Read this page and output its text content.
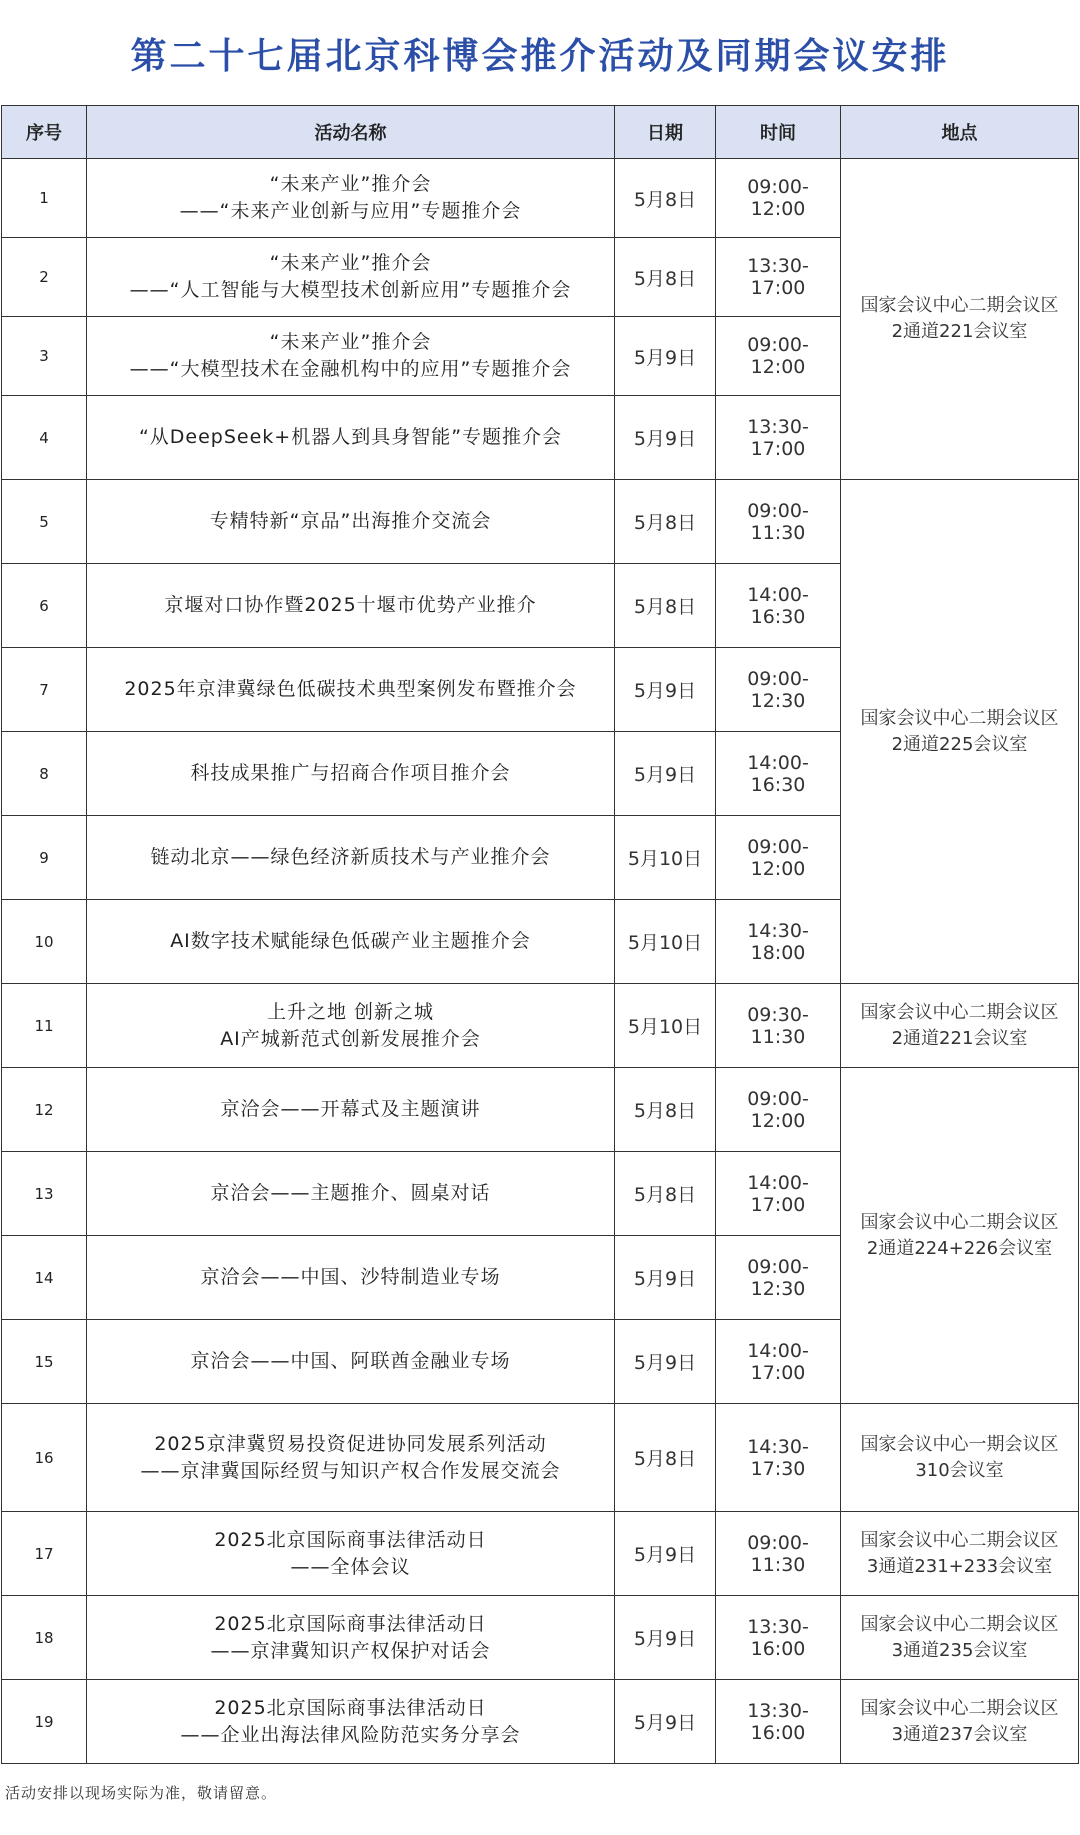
第二十七届北京科博会推介活动及同期会议安排
序号	活动名称	日期	时间	地点
1	“未来产业”推介会
——“未来产业创新与应用”专题推介会	5月8日	09:00-12:00	国家会议中心二期会议区
2通道221会议室

2	“未来产业”推介会
——“人工智能与大模型技术创新应用”专题推介会	5月8日	13:30-17:00	
3	“未来产业”推介会
——“大模型技术在金融机构中的应用”专题推介会	5月9日	09:00-12:00	
4	“从DeepSeek+机器人到具身智能”专题推介会	5月9日	13:30-17:00	
5	专精特新“京品”出海推介交流会	5月8日	09:00-11:30	国家会议中心二期会议区
2通道225会议室

6	京堰对口协作暨2025十堰市优势产业推介	5月8日	14:00-16:30	
7	2025年京津冀绿色低碳技术典型案例发布暨推介会	5月9日	09:00-12:30	
8	科技成果推广与招商合作项目推介会	5月9日	14:00-16:30	
9	链动北京——绿色经济新质技术与产业推介会	5月10日	09:00-12:00	
10	AI数字技术赋能绿色低碳产业主题推介会	5月10日	14:30-18:00	
11	上升之地 创新之城
AI产城新范式创新发展推介会	5月10日	09:30-11:30	国家会议中心二期会议区
2通道221会议室

12	京洽会——开幕式及主题演讲	5月8日	09:00-12:00	国家会议中心二期会议区
2通道224+226会议室

13	京洽会——主题推介、圆桌对话	5月8日	14:00-17:00	
14	京洽会——中国、沙特制造业专场	5月9日	09:00-12:30	
15	京洽会——中国、阿联酋金融业专场	5月9日	14:00-17:00	
16	2025京津冀贸易投资促进协同发展系列活动
——京津冀国际经贸与知识产权合作发展交流会	5月8日	14:30-17:30	国家会议中心一期会议区
310会议室

17	2025北京国际商事法律活动日
——全体会议	5月9日	09:00-11:30	国家会议中心二期会议区
3通道231+233会议室

18	2025北京国际商事法律活动日
——京津冀知识产权保护对话会	5月9日	13:30-16:00	国家会议中心二期会议区
3通道235会议室

19	2025北京国际商事法律活动日
——企业出海法律风险防范实务分享会	5月9日	13:30-16:00	国家会议中心二期会议区
3通道237会议室
活动安排以现场实际为准，敬请留意。
